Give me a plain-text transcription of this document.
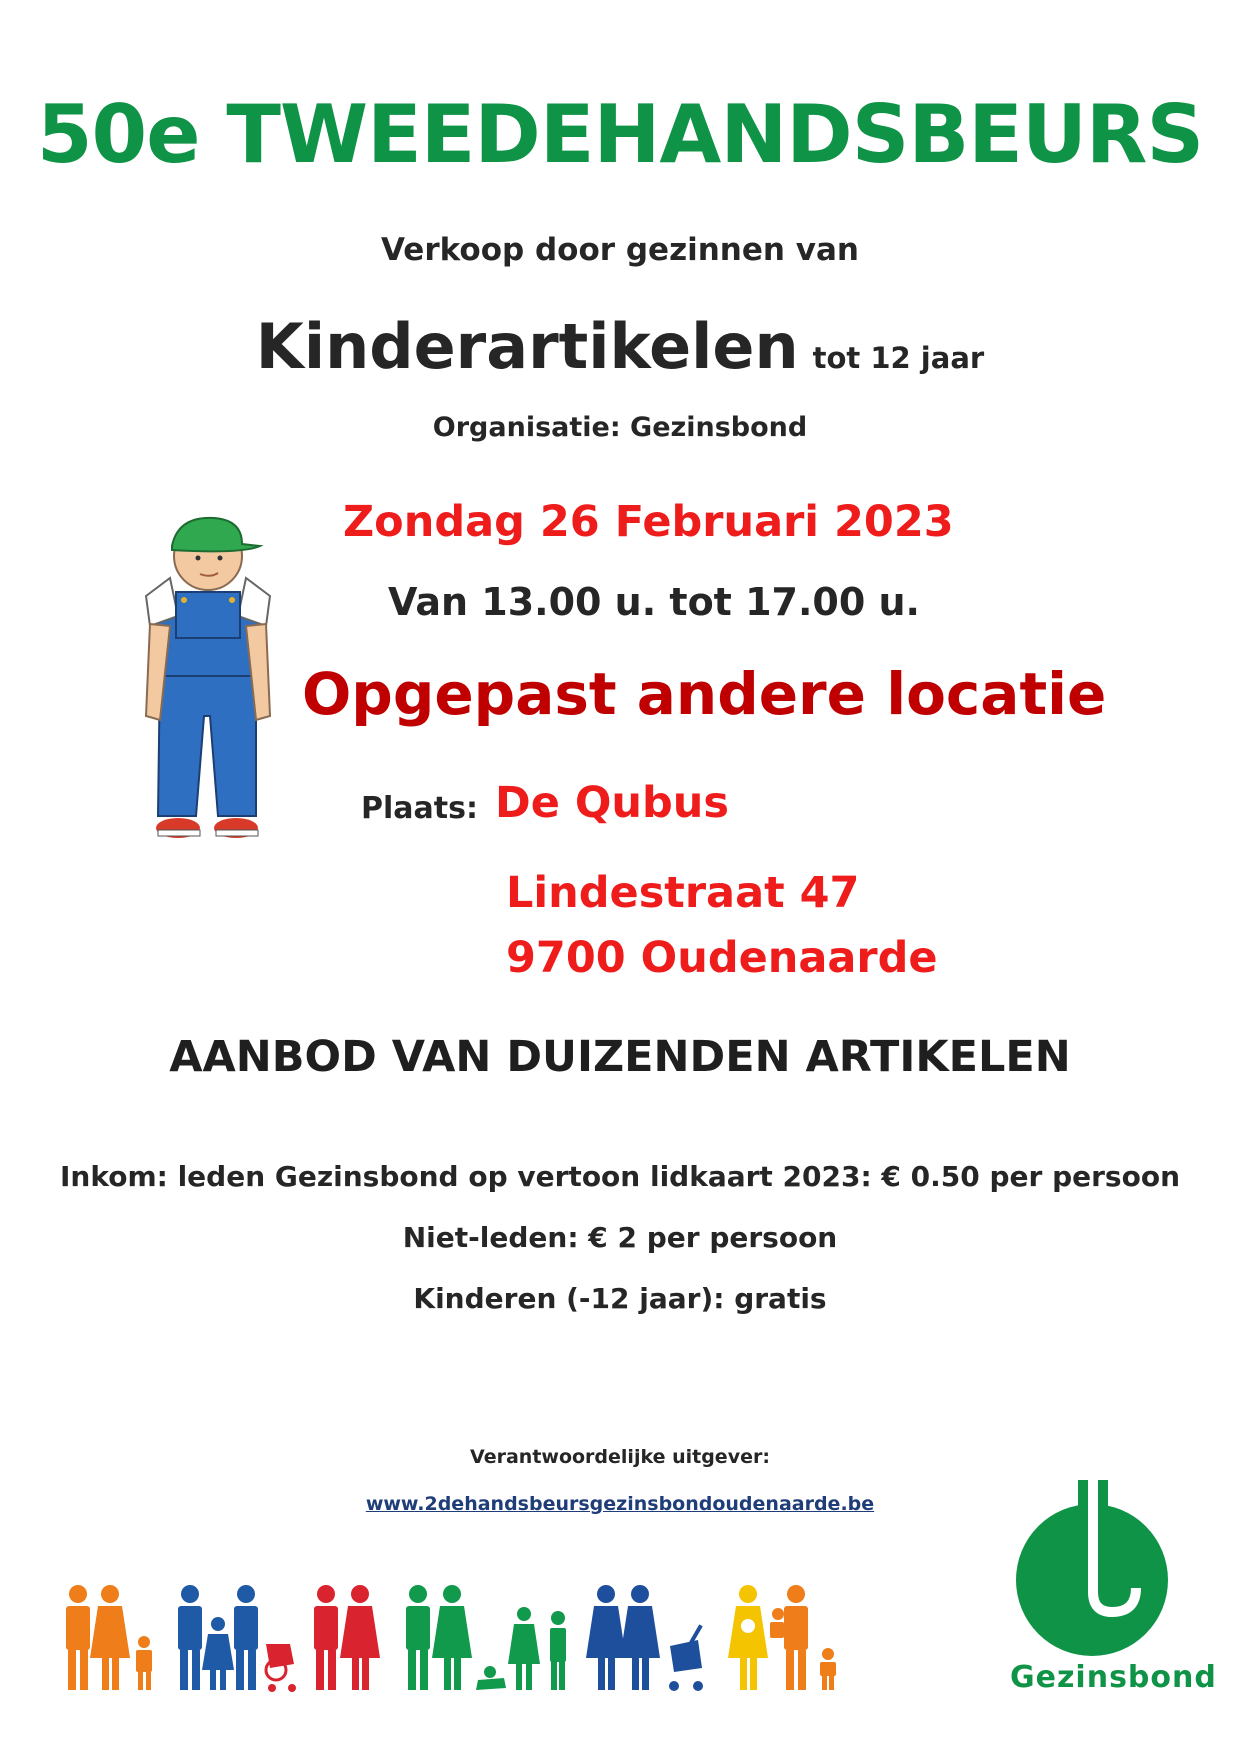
50e TWEEDEHANDSBEURS
Verkoop door gezinnen van
Kinderartikelen tot 12 jaar
Organisatie: Gezinsbond
Zondag 26 Februari 2023
Van 13.00 u. tot 17.00 u.
Opgepast andere locatie
Plaats: De Qubus
Lindestraat 47
9700 Oudenaarde
AANBOD VAN DUIZENDEN ARTIKELEN
Inkom: leden Gezinsbond op vertoon lidkaart 2023: € 0.50 per persoon
Niet-leden: € 2 per persoon
Kinderen (-12 jaar): gratis
Verantwoordelijke uitgever:
www.2dehandsbeursgezinsbondoudenaarde.be
Gezinsbond
